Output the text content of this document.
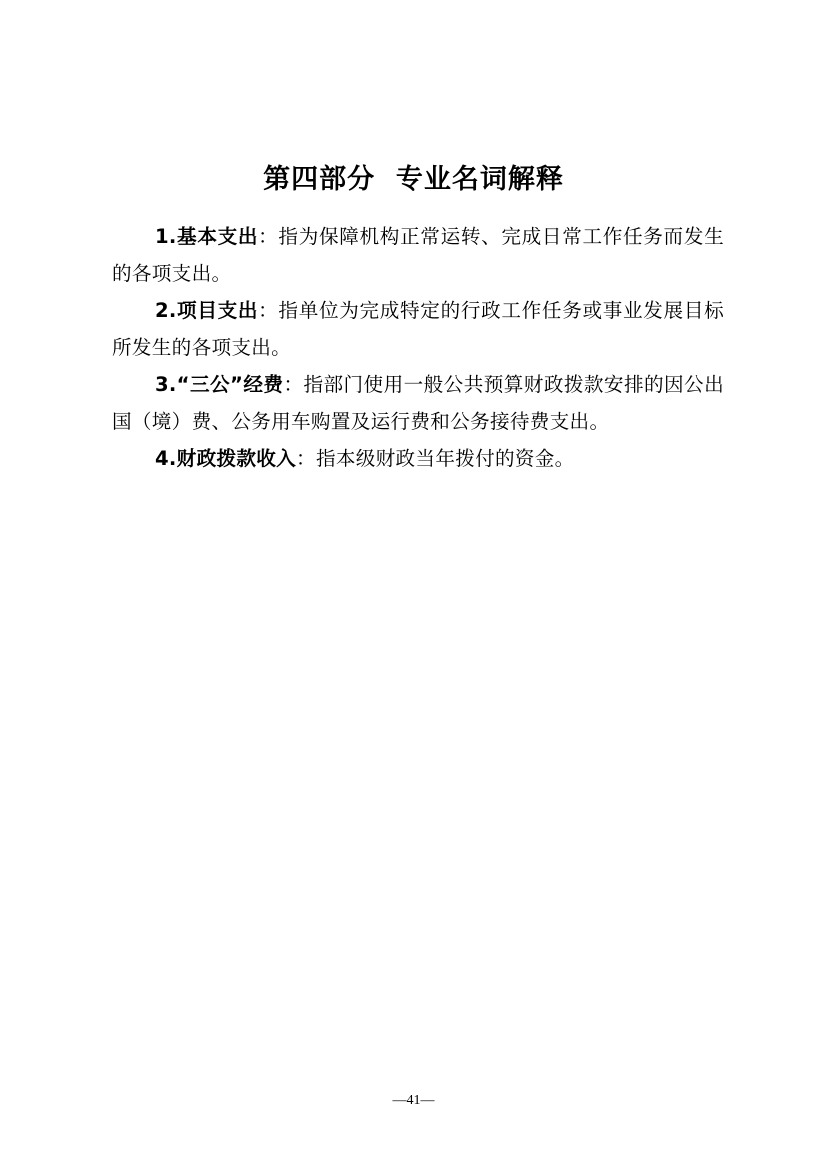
第四部分  专业名词解释

1.基本支出：指为保障机构正常运转、完成日常工作任务而发生的各项支出。

2.项目支出：指单位为完成特定的行政工作任务或事业发展目标所发生的各项支出。

3.“三公”经费：指部门使用一般公共预算财政拨款安排的因公出国（境）费、公务用车购置及运行费和公务接待费支出。

4.财政拨款收入：指本级财政当年拨付的资金。

—41—
